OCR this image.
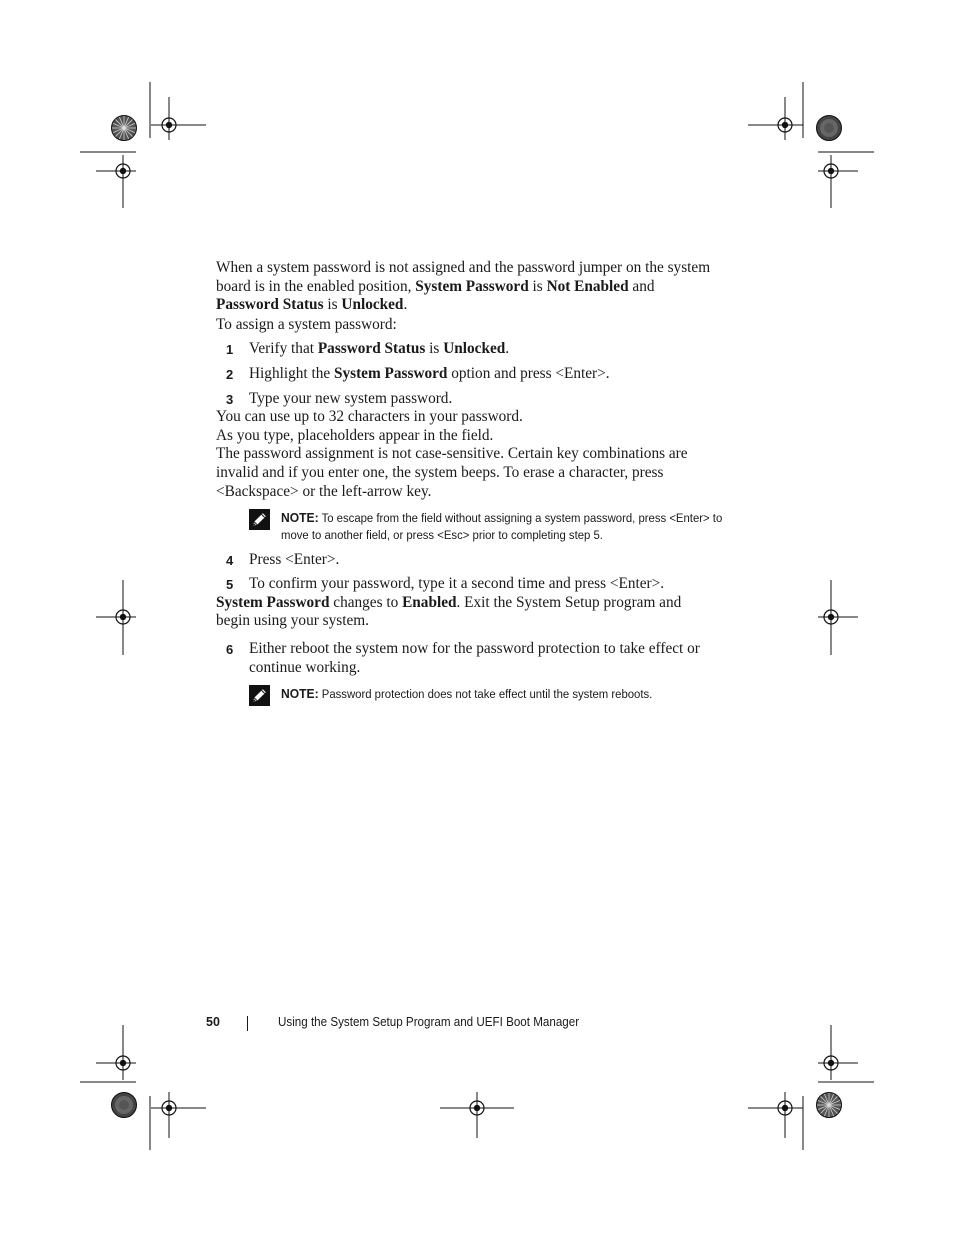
When a system password is not assigned and the password jumper on the system board is in the enabled position, System Password is Not Enabled and Password Status is Unlocked.

To assign a system password:

1 Verify that Password Status is Unlocked.
2 Highlight the System Password option and press <Enter>.
3 Type your new system password.

You can use up to 32 characters in your password.

As you type, placeholders appear in the field.

The password assignment is not case-sensitive. Certain key combinations are invalid and if you enter one, the system beeps. To erase a character, press <Backspace> or the left-arrow key.

NOTE: To escape from the field without assigning a system password, press <Enter> to move to another field, or press <Esc> prior to completing step 5.
4 Press <Enter>.
5 To confirm your password, type it a second time and press <Enter>.

System Password changes to Enabled. Exit the System Setup program and begin using your system.

6 Either reboot the system now for the password protection to take effect or continue working.
NOTE: Password protection does not take effect until the system reboots.
50	Using the System Setup Program and UEFI Boot Manager
